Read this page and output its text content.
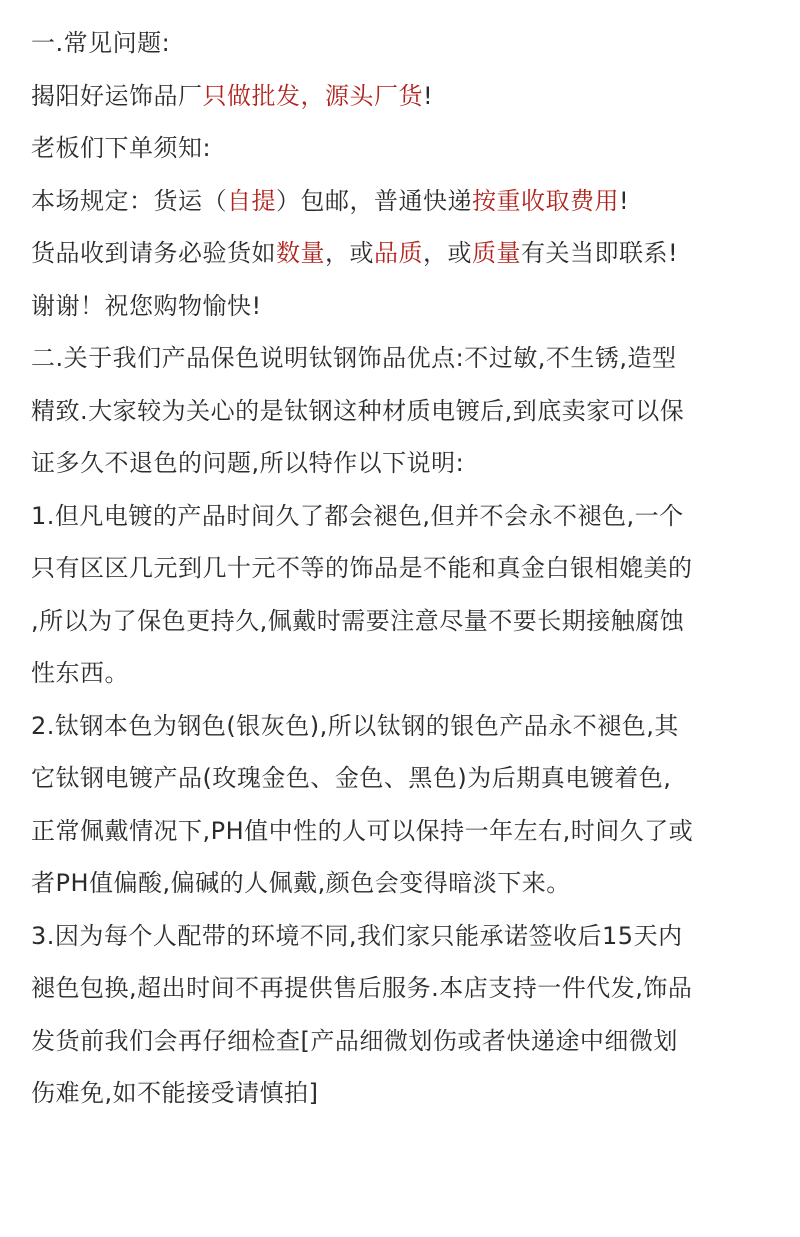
一.常见问题:
揭阳好运饰品厂只做批发，源头厂货!
老板们下单须知:
本场规定：货运（自提）包邮，普通快递按重收取费用!
货品收到请务必验货如数量，或品质，或质量有关当即联系!
谢谢！祝您购物愉快!
二.关于我们产品保色说明钛钢饰品优点:不过敏,不生锈,造型
精致.大家较为关心的是钛钢这种材质电镀后,到底卖家可以保
证多久不退色的问题,所以特作以下说明:
1.但凡电镀的产品时间久了都会褪色,但并不会永不褪色,一个
只有区区几元到几十元不等的饰品是不能和真金白银相媲美的
,所以为了保色更持久,佩戴时需要注意尽量不要长期接触腐蚀
性东西。
2.钛钢本色为钢色(银灰色),所以钛钢的银色产品永不褪色,其
它钛钢电镀产品(玫瑰金色、金色、黑色)为后期真电镀着色,
正常佩戴情况下,PH值中性的人可以保持一年左右,时间久了或
者PH值偏酸,偏碱的人佩戴,颜色会变得暗淡下来。
3.因为每个人配带的环境不同,我们家只能承诺签收后15天内
褪色包换,超出时间不再提供售后服务.本店支持一件代发,饰品
发货前我们会再仔细检查[产品细微划伤或者快递途中细微划
伤难免,如不能接受请慎拍]
